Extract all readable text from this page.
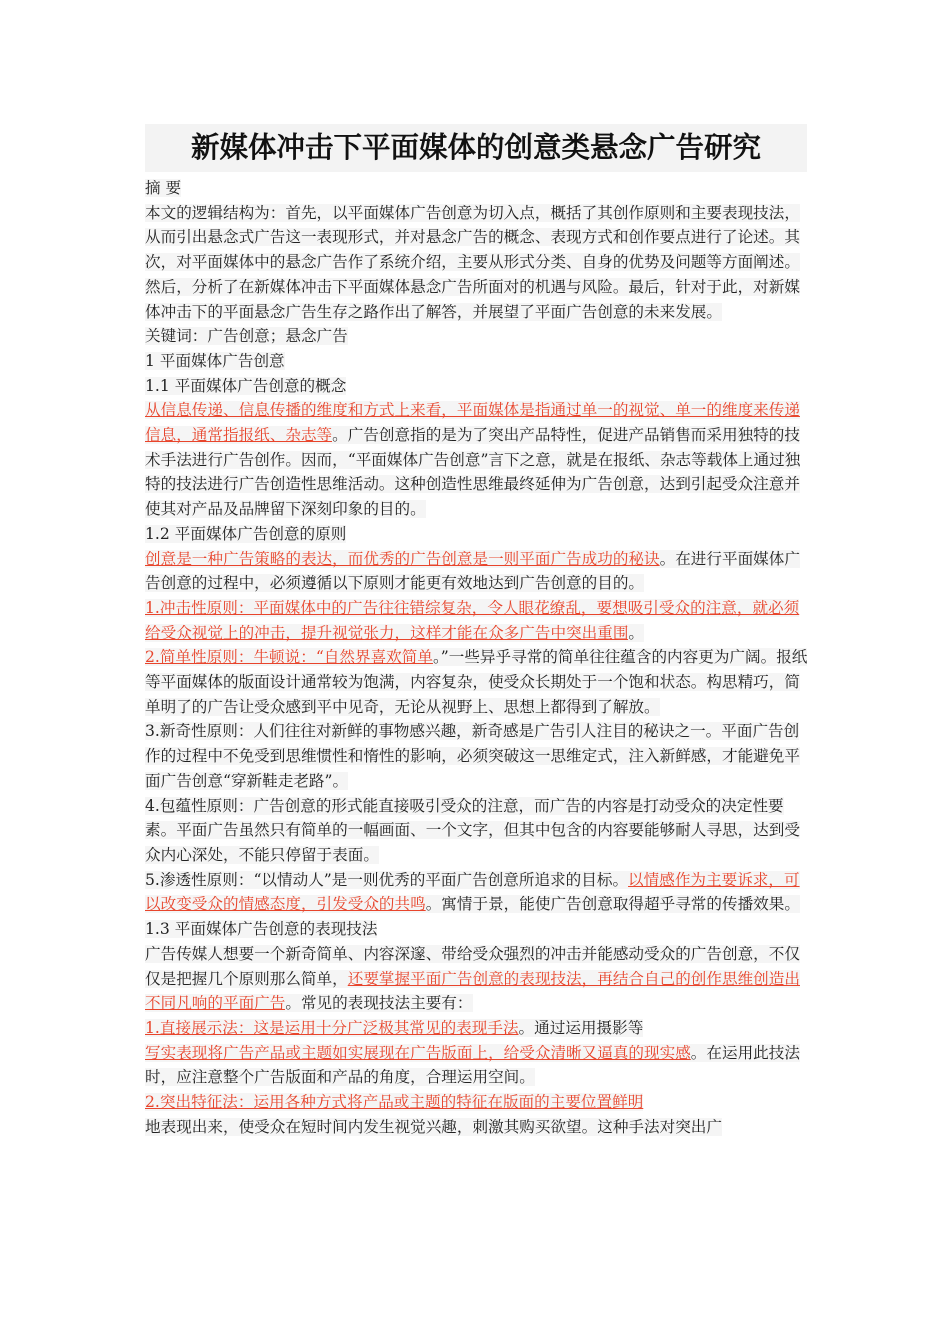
新媒体冲击下平面媒体的创意类悬念广告研究

摘 要

本文的逻辑结构为：首先，以平面媒体广告创意为切入点，概括了其创作原则和主要表现技法，从而引出悬念式广告这一表现形式，并对悬念广告的概念、表现方式和创作要点进行了论述。其次，对平面媒体中的悬念广告作了系统介绍，主要从形式分类、自身的优势及问题等方面阐述。然后，分析了在新媒体冲击下平面媒体悬念广告所面对的机遇与风险。最后，针对于此，对新媒体冲击下的平面悬念广告生存之路作出了解答，并展望了平面广告创意的未来发展。

关键词：广告创意；悬念广告

1 平面媒体广告创意

1.1 平面媒体广告创意的概念

从信息传递、信息传播的维度和方式上来看，平面媒体是指通过单一的视觉、单一的维度来传递信息，通常指报纸、杂志等。广告创意指的是为了突出产品特性，促进产品销售而采用独特的技术手法进行广告创作。因而，“平面媒体广告创意”言下之意，就是在报纸、杂志等载体上通过独特的技法进行广告创造性思维活动。这种创造性思维最终延伸为广告创意，达到引起受众注意并使其对产品及品牌留下深刻印象的目的。

1.2 平面媒体广告创意的原则

创意是一种广告策略的表达，而优秀的广告创意是一则平面广告成功的秘诀。在进行平面媒体广告创意的过程中，必须遵循以下原则才能更有效地达到广告创意的目的。

1.冲击性原则：平面媒体中的广告往往错综复杂，令人眼花缭乱，要想吸引受众的注意，就必须给受众视觉上的冲击，提升视觉张力，这样才能在众多广告中突出重围。

2.简单性原则：牛顿说：“自然界喜欢简单。”一些异乎寻常的简单往往蕴含的内容更为广阔。报纸等平面媒体的版面设计通常较为饱满，内容复杂，使受众长期处于一个饱和状态。构思精巧，简单明了的广告让受众感到平中见奇，无论从视野上、思想上都得到了解放。

3.新奇性原则：人们往往对新鲜的事物感兴趣，新奇感是广告引人注目的秘诀之一。平面广告创作的过程中不免受到思维惯性和惰性的影响，必须突破这一思维定式，注入新鲜感，才能避免平面广告创意“穿新鞋走老路”。

4.包蕴性原则：广告创意的形式能直接吸引受众的注意，而广告的内容是打动受众的决定性要素。平面广告虽然只有简单的一幅画面、一个文字，但其中包含的内容要能够耐人寻思，达到受众内心深处，不能只停留于表面。

5.渗透性原则：“以情动人”是一则优秀的平面广告创意所追求的目标。以情感作为主要诉求，可以改变受众的情感态度，引发受众的共鸣。寓情于景，能使广告创意取得超乎寻常的传播效果。

1.3 平面媒体广告创意的表现技法

广告传媒人想要一个新奇简单、内容深邃、带给受众强烈的冲击并能感动受众的广告创意，不仅仅是把握几个原则那么简单，还要掌握平面广告创意的表现技法，再结合自己的创作思维创造出不同凡响的平面广告。常见的表现技法主要有：

1.直接展示法：这是运用十分广泛极其常见的表现手法。通过运用摄影等

写实表现将广告产品或主题如实展现在广告版面上，给受众清晰又逼真的现实感。在运用此技法时，应注意整个广告版面和产品的角度，合理运用空间。

2.突出特征法：运用各种方式将产品或主题的特征在版面的主要位置鲜明

地表现出来，使受众在短时间内发生视觉兴趣，刺激其购买欲望。这种手法对突出广
